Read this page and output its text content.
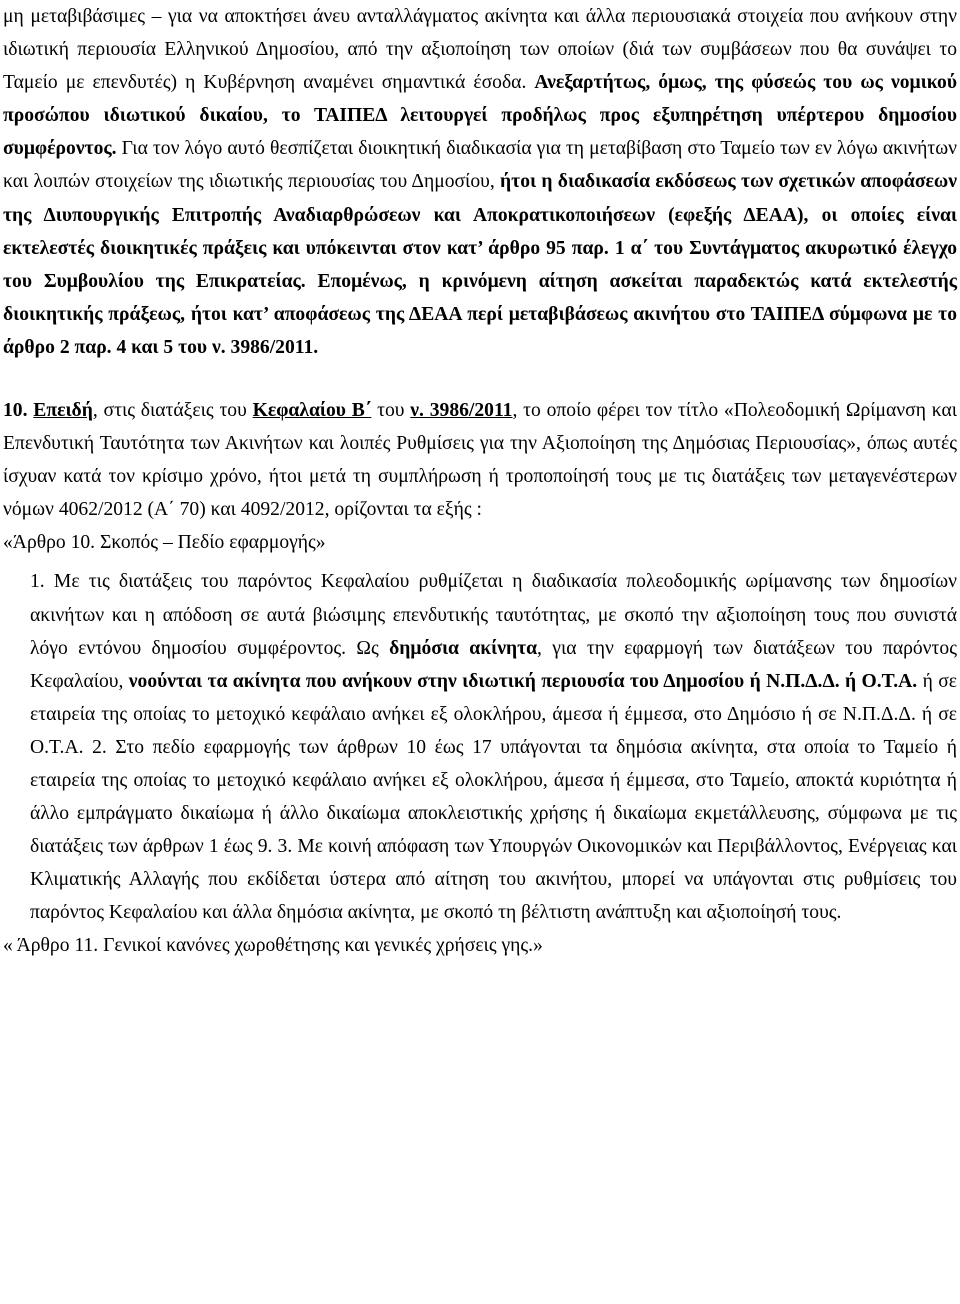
μη μεταβιβάσιμες – για να αποκτήσει άνευ ανταλλάγματος ακίνητα και άλλα περιουσιακά στοιχεία που ανήκουν στην ιδιωτική περιουσία Ελληνικού Δημοσίου, από την αξιοποίηση των οποίων (διά των συμβάσεων που θα συνάψει το Ταμείο με επενδυτές) η Κυβέρνηση αναμένει σημαντικά έσοδα. Ανεξαρτήτως, όμως, της φύσεώς του ως νομικού προσώπου ιδιωτικού δικαίου, το ΤΑΙΠΕΔ λειτουργεί προδήλως προς εξυπηρέτηση υπέρτερου δημοσίου συμφέροντος. Για τον λόγο αυτό θεσπίζεται διοικητική διαδικασία για τη μεταβίβαση στο Ταμείο των εν λόγω ακινήτων και λοιπών στοιχείων της ιδιωτικής περιουσίας του Δημοσίου, ήτοι η διαδικασία εκδόσεως των σχετικών αποφάσεων της Διυπουργικής Επιτροπής Αναδιαρθρώσεων και Αποκρατικοποιήσεων (εφεξής ΔΕΑΑ), οι οποίες είναι εκτελεστές διοικητικές πράξεις και υπόκεινται στον κατ’ άρθρο 95 παρ. 1 α΄ του Συντάγματος ακυρωτικό έλεγχο του Συμβουλίου της Επικρατείας. Επομένως, η κρινόμενη αίτηση ασκείται παραδεκτώς κατά εκτελεστής διοικητικής πράξεως, ήτοι κατ’ αποφάσεως της ΔΕΑΑ περί μεταβιβάσεως ακινήτου στο ΤΑΙΠΕΔ σύμφωνα με το άρθρο 2 παρ. 4 και 5 του ν. 3986/2011.

10. Επειδή, στις διατάξεις του Κεφαλαίου Β΄ του ν. 3986/2011, το οποίο φέρει τον τίτλο «Πολεοδομική Ωρίμανση και Επενδυτική Ταυτότητα των Ακινήτων και λοιπές Ρυθμίσεις για την Αξιοποίηση της Δημόσιας Περιουσίας», όπως αυτές ίσχυαν κατά τον κρίσιμο χρόνο, ήτοι μετά τη συμπλήρωση ή τροποποίησή τους με τις διατάξεις των μεταγενέστερων νόμων 4062/2012 (Α΄ 70) και 4092/2012, ορίζονται τα εξής :

«Άρθρο 10. Σκοπός – Πεδίο εφαρμογής»

1. Με τις διατάξεις του παρόντος Κεφαλαίου ρυθμίζεται η διαδικασία πολεοδομικής ωρίμανσης των δημοσίων ακινήτων και η απόδοση σε αυτά βιώσιμης επενδυτικής ταυτότητας, με σκοπό την αξιοποίηση τους που συνιστά λόγο εντόνου δημοσίου συμφέροντος. Ως δημόσια ακίνητα, για την εφαρμογή των διατάξεων του παρόντος Κεφαλαίου, νοούνται τα ακίνητα που ανήκουν στην ιδιωτική περιουσία του Δημοσίου ή Ν.Π.Δ.Δ. ή Ο.Τ.Α. ή σε εταιρεία της οποίας το μετοχικό κεφάλαιο ανήκει εξ ολοκλήρου, άμεσα ή έμμεσα, στο Δημόσιο ή σε Ν.Π.Δ.Δ. ή σε Ο.Τ.Α. 2. Στο πεδίο εφαρμογής των άρθρων 10 έως 17 υπάγονται τα δημόσια ακίνητα, στα οποία το Ταμείο ή εταιρεία της οποίας το μετοχικό κεφάλαιο ανήκει εξ ολοκλήρου, άμεσα ή έμμεσα, στο Ταμείο, αποκτά κυριότητα ή άλλο εμπράγματο δικαίωμα ή άλλο δικαίωμα αποκλειστικής χρήσης ή δικαίωμα εκμετάλλευσης, σύμφωνα με τις διατάξεις των άρθρων 1 έως 9. 3. Με κοινή απόφαση των Υπουργών Οικονομικών και Περιβάλλοντος, Ενέργειας και Κλιματικής Αλλαγής που εκδίδεται ύστερα από αίτηση του ακινήτου, μπορεί να υπάγονται στις ρυθμίσεις του παρόντος Κεφαλαίου και άλλα δημόσια ακίνητα, με σκοπό τη βέλτιστη ανάπτυξη και αξιοποίησή τους.

« Άρθρο 11. Γενικοί κανόνες χωροθέτησης και γενικές χρήσεις γης.»
